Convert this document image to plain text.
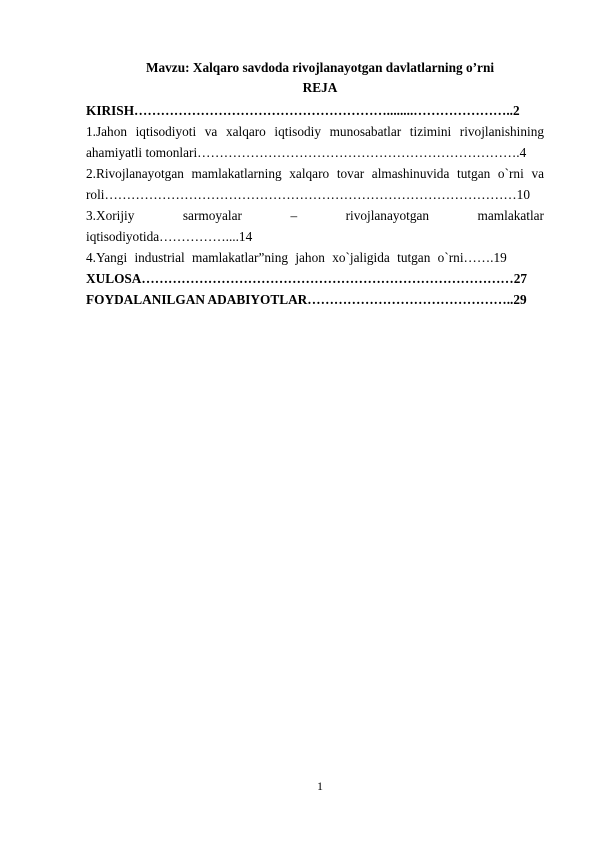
Mavzu: Xalqaro savdoda rivojlanayotgan davlatlarning o’rni
REJA
KIRISH…………………………………………………........…………………..2
1.Jahon iqtisodiyoti va xalqaro iqtisodiy munosabatlar tizimini rivojlanishining
ahamiyatli tomonlari……………………………………………………………….4
2.Rivojlanayotgan mamlakatlarning xalqaro tovar almashinuvida tutgan o`rni va
roli…………………………………………………………………………………10
3.Xorijiy sarmoyalar – rivojlanayotgan mamlakatlar
iqtisodiyotida……………....14
4.Yangi industrial mamlakatlar”ning jahon xo`jaligida tutgan o`rni…….19
XULOSA…………………………………………………………………………27
FOYDALANILGAN ADABIYOTLAR………………………………………..29
1
